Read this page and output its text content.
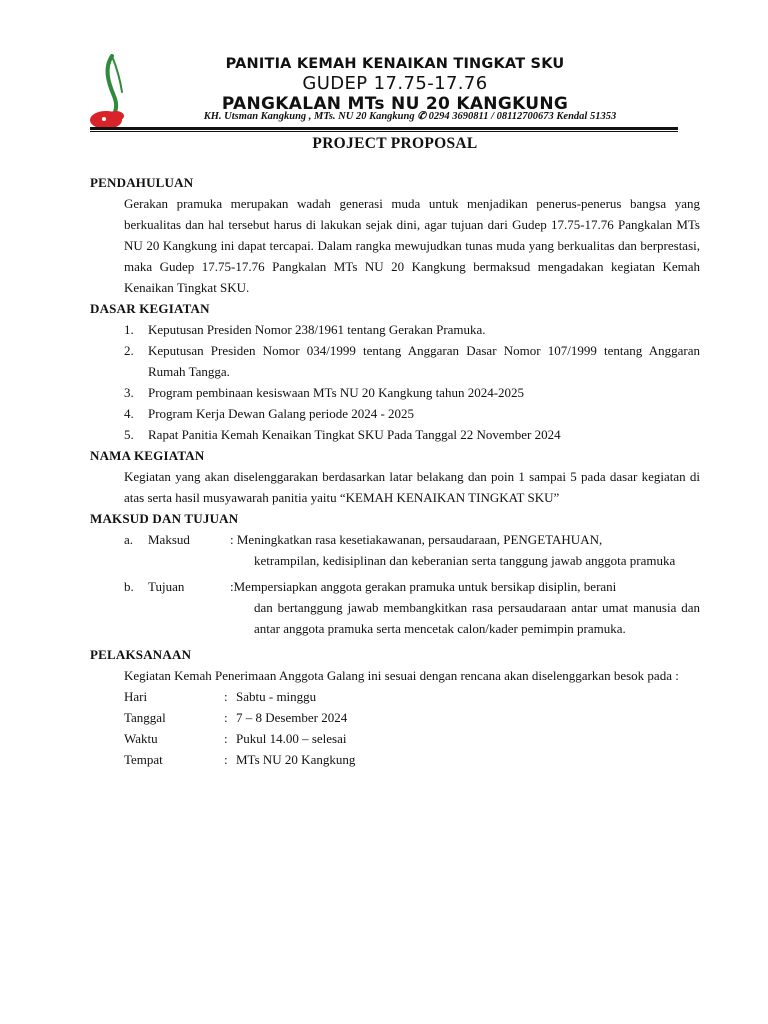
PANITIA KEMAH KENAIKAN TINGKAT SKU
GUDEP 17.75-17.76
PANGKALAN MTs NU 20 KANGKUNG
KH. Utsman Kangkung , MTs. NU 20 Kangkung ✆ 0294 3690811 / 08112700673 Kendal 51353
PROJECT PROPOSAL
PENDAHULUAN
Gerakan pramuka merupakan wadah generasi muda untuk menjadikan penerus-penerus bangsa yang berkualitas dan hal tersebut harus di lakukan sejak dini, agar tujuan dari Gudep 17.75-17.76 Pangkalan MTs NU 20 Kangkung ini dapat tercapai. Dalam rangka mewujudkan tunas muda yang berkualitas dan berprestasi, maka Gudep 17.75-17.76 Pangkalan MTs NU 20 Kangkung bermaksud mengadakan kegiatan Kemah Kenaikan Tingkat SKU.
DASAR KEGIATAN
1.	Keputusan Presiden Nomor 238/1961 tentang Gerakan Pramuka.
2.	Keputusan Presiden Nomor 034/1999 tentang Anggaran Dasar Nomor 107/1999 tentang Anggaran Rumah Tangga.
3.	Program pembinaan kesiswaan MTs NU 20 Kangkung tahun 2024-2025
4.	Program Kerja Dewan Galang periode 2024 - 2025
5.	Rapat Panitia Kemah Kenaikan Tingkat SKU Pada Tanggal 22 November 2024
NAMA KEGIATAN
Kegiatan yang akan diselenggarakan berdasarkan latar belakang dan poin 1 sampai 5 pada dasar kegiatan di atas serta hasil musyawarah panitia yaitu “KEMAH KENAIKAN TINGKAT SKU”
MAKSUD DAN TUJUAN
a.	Maksud	: Meningkatkan rasa kesetiakawanan, persaudaraan, PENGETAHUAN,
ketrampilan, kedisiplinan dan keberanian serta tanggung jawab anggota pramuka
b.	Tujuan	:Mempersiapkan anggota gerakan pramuka untuk bersikap disiplin, berani
dan bertanggung jawab membangkitkan rasa persaudaraan antar umat manusia dan antar anggota pramuka serta mencetak calon/kader pemimpin pramuka.
PELAKSANAAN
Kegiatan Kemah Penerimaan Anggota Galang ini sesuai dengan rencana akan diselenggarkan besok pada :
Hari	: Sabtu - minggu
Tanggal	: 7 – 8 Desember 2024
Waktu	: Pukul 14.00 – selesai
Tempat	: MTs NU 20 Kangkung
